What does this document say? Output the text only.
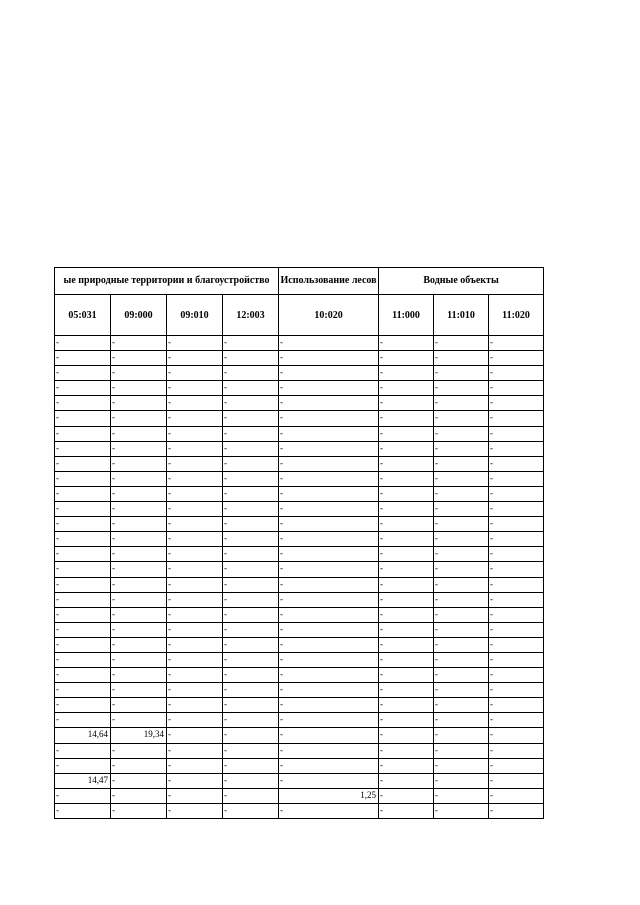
ые природные территории и благоустройство				Использование лесов	Водные объекты		
05:031	09:000	09:010	12:003	10:020	11:000	11:010	11:020
-	-	-	-	-	-	-	-
-	-	-	-	-	-	-	-
-	-	-	-	-	-	-	-
-	-	-	-	-	-	-	-
-	-	-	-	-	-	-	-
-	-	-	-	-	-	-	-
-	-	-	-	-	-	-	-
-	-	-	-	-	-	-	-
-	-	-	-	-	-	-	-
-	-	-	-	-	-	-	-
-	-	-	-	-	-	-	-
-	-	-	-	-	-	-	-
-	-	-	-	-	-	-	-
-	-	-	-	-	-	-	-
-	-	-	-	-	-	-	-
-	-	-	-	-	-	-	-
-	-	-	-	-	-	-	-
-	-	-	-	-	-	-	-
-	-	-	-	-	-	-	-
-	-	-	-	-	-	-	-
-	-	-	-	-	-	-	-
-	-	-	-	-	-	-	-
-	-	-	-	-	-	-	-
-	-	-	-	-	-	-	-
-	-	-	-	-	-	-	-
-	-	-	-	-	-	-	-
14,64	19,34	-	-	-	-	-	-
-	-	-	-	-	-	-	-
-	-	-	-	-	-	-	-
14,47	-	-	-	-	-	-	-
-	-	-	-	1,25	-	-	-
-	-	-	-	-	-	-	-
